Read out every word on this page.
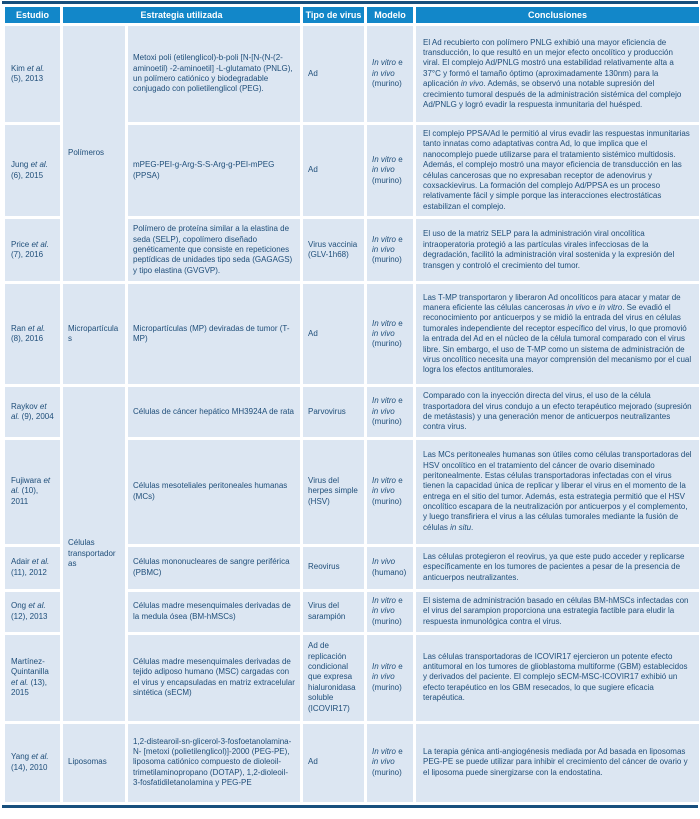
Estudio	Estrategia utilizada		Tipo de virus	Modelo	Conclusiones
Kim et al. (5), 2013	Polímeros	Metoxi poli (etilenglicol)-b-poli [N-[N-(N-(2-aminoetil) -2-aminoetil] -L-glutamato (PNLG), un polímero catiónico y biodegradable conjugado con polietilenglicol (PEG).	Ad	In vitro e in vivo (murino)	El Ad recubierto con polímero PNLG exhibió una mayor eficiencia de transducción, lo que resultó en un mejor efecto oncolítico y producción viral. El complejo Ad/PNLG mostró una estabilidad relativamente alta a 37°C y formó el tamaño óptimo (aproximadamente 130nm) para la aplicación in vivo. Además, se observó una notable supresión del crecimiento tumoral después de la administración sistémica del complejo Ad/PNLG y logró evadir la respuesta inmunitaria del huésped.
Jung et al. (6), 2015		mPEG-PEI-g-Arg-S-S-Arg-g-PEI-mPEG (PPSA)	Ad	In vitro e in vivo (murino)	El complejo PPSA/Ad le permitió al virus evadir las respuestas inmunitarias tanto innatas como adaptativas contra Ad, lo que implica que el nanocomplejo puede utilizarse para el tratamiento sistémico multidosis. Además, el complejo mostró una mayor eficiencia de transducción en las células cancerosas que no expresaban receptor de adenovirus y coxsackievirus. La formación del complejo Ad/PPSA es un proceso relativamente fácil y simple porque las interacciones electrostáticas estabilizan el complejo.
Price et al. (7), 2016		Polímero de proteína similar a la elastina de seda (SELP), copolímero diseñado genéticamente que consiste en repeticiones peptídicas de unidades tipo seda (GAGAGS) y tipo elastina (GVGVP).	Virus vaccinia (GLV-1h68)	In vitro e in vivo (murino)	El uso de la matriz SELP para la administración viral oncolítica intraoperatoria protegió a las partículas virales infecciosas de la degradación, facilitó la administración viral sostenida y la expresión del transgen y controló el crecimiento del tumor.
Ran et al. (8), 2016	Micropartículas	Micropartículas (MP) deviradas de tumor (T-MP)	Ad	In vitro e in vivo (murino)	Las T-MP transportaron y liberaron Ad oncolíticos para atacar y matar de manera eficiente las células cancerosas in vivo e in vitro. Se evadió el reconocimiento por anticuerpos y se midió la entrada del virus en células tumorales independiente del receptor específico del virus, lo que promovió la entrada del Ad en el núcleo de la célula tumoral comparado con el virus libre. Sin embargo, el uso de T-MP como un sistema de administración de virus oncolítico necesita una mayor comprensión del mecanismo por el cual logra los efectos antitumorales.
Raykov et al. (9), 2004	Células transportadoras	Células de cáncer hepático MH3924A de rata	Parvovirus	In vitro e in vivo (murino)	Comparado con la inyección directa del virus, el uso de la célula trasportadora del virus condujo a un efecto terapéutico mejorado (supresión de metástasis) y una generación menor de anticuerpos neutralizantes contra virus.
Fujiwara et al. (10), 2011		Células mesoteliales peritoneales humanas (MCs)	Virus del herpes simple (HSV)	In vitro e in vivo (murino)	Las MCs peritoneales humanas son útiles como células transportadoras del HSV oncolítico en el tratamiento del cáncer de ovario diseminado peritonealmente. Estas células transportadoras infectadas con el virus tienen la capacidad única de replicar y liberar el virus en el momento de la entrega en el sitio del tumor. Además, esta estrategia permitió que el HSV oncolítico escapara de la neutralización por anticuerpos y el complemento, y luego transfiriera el virus a las células tumorales mediante la fusión de células in situ.
Adair et al. (11), 2012		Células mononucleares de sangre periférica (PBMC)	Reovirus	In vivo (humano)	Las células protegieron el reovirus, ya que este pudo acceder y replicarse específicamente en los tumores de pacientes a pesar de la presencia de anticuerpos neutralizantes.
Ong et al. (12), 2013		Células madre mesenquimales derivadas de la medula ósea (BM-hMSCs)	Virus del sarampión	In vitro e in vivo (murino)	El sistema de administración basado en células BM-hMSCs infectadas con el virus del sarampion proporciona una estrategia factible para eludir la respuesta inmunológica contra el virus.
Martínez-Quintanilla et al. (13), 2015		Células madre mesenquimales derivadas de tejido adiposo humano (MSC) cargadas con el virus y encapsuladas en matriz extracelular sintética (sECM)	Ad de replicación condicional que expresa hialuronidasa soluble (ICOVIR17)	In vitro e in vivo (murino)	Las células transportadoras de ICOVIR17 ejercieron un potente efecto antitumoral en los tumores de glioblastoma multiforme (GBM) establecidos y derivados del paciente. El complejo sECM-MSC-ICOVIR17 exhibió un efecto terapéutico en los GBM resecados, lo que sugiere eficacia terapéutica.
Yang et al. (14), 2010	Liposomas	1,2-distearoil-sn-glicerol-3-fosfoetanolamina-N- [metoxi (polietilenglicol)]-2000 (PEG-PE), liposoma catiónico compuesto de dioleoil-trimetilaminopropano (DOTAP), 1,2-dioleoil-3-fosfatidiletanolamina y PEG-PE	Ad	In vitro e in vivo (murino)	La terapia génica anti-angiogénesis mediada por Ad basada en liposomas PEG-PE se puede utilizar para inhibir el crecimiento del cáncer de ovario y el liposoma puede sinergizarse con la endostatina.
